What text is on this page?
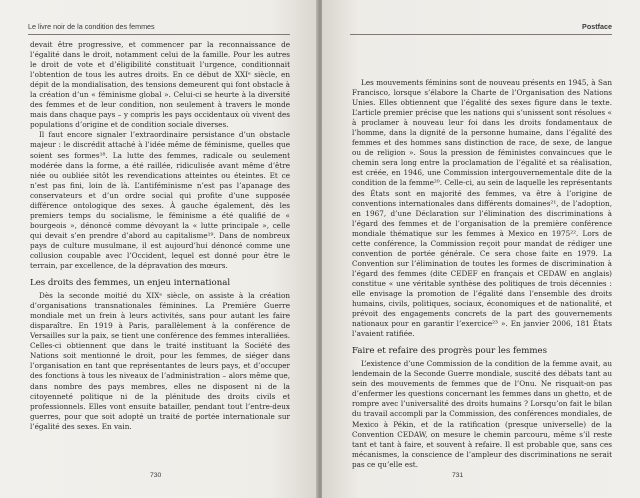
Le livre noir de la condition des femmes

devait être progressive, et commencer par la reconnaissance de l’égalité dans le droit, notamment celui de la famille. Pour les autres le droit de vote et d’éligibilité constituait l’urgence, conditionnait l’obtention de tous les autres droits. En ce début de XXIᵉ siècle, en dépit de la mondialisation, des tensions demeurent qui font obstacle à la création d’un « féminisme global ». Celui-ci se heurte à la diversité des femmes et de leur condition, non seulement à travers le monde mais dans chaque pays – y compris les pays occidentaux où vivent des populations d’origine et de condition sociale diverses.

Il faut encore signaler l’extraordinaire persistance d’un obstacle majeur : le discrédit attaché à l’idée même de féminisme, quelles que soient ses formes¹⁸. La lutte des femmes, radicale ou seulement modérée dans la forme, a été raillée, ridiculisée avant même d’être niée ou oubliée sitôt les revendications atteintes ou éteintes. Et ce n’est pas fini, loin de là. L’antiféminisme n’est pas l’apanage des conservateurs et d’un ordre social qui profite d’une supposée différence ontologique des sexes. À gauche également, dès les premiers temps du socialisme, le féminisme a été qualifié de « bourgeois », dénoncé comme dévoyant la « lutte principale », celle qui devait s’en prendre d’abord au capitalisme¹⁹. Dans de nombreux pays de culture musulmane, il est aujourd’hui dénoncé comme une collusion coupable avec l’Occident, lequel est donné pour être le terrain, par excellence, de la dépravation des mœurs.

Les droits des femmes, un enjeu international

Dès la seconde moitié du XIXᵉ siècle, on assiste à la création d’organisations transnationales féminines. La Première Guerre mondiale met un frein à leurs activités, sans pour autant les faire disparaître. En 1919 à Paris, parallèlement à la conférence de Versailles sur la paix, se tient une conférence des femmes interalliées. Celles-ci obtiennent que dans le traité instituant la Société des Nations soit mentionné le droit, pour les femmes, de siéger dans l’organisation en tant que représentantes de leurs pays, et d’occuper des fonctions à tous les niveaux de l’administration – alors même que, dans nombre des pays membres, elles ne disposent ni de la citoyenneté politique ni de la plénitude des droits civils et professionnels. Elles vont ensuite batailler, pendant tout l’entre-deux guerres, pour que soit adopté un traité de portée internationale sur l’égalité des sexes. En vain.

730
Postface

Les mouvements féminins sont de nouveau présents en 1945, à San Francisco, lorsque s’élabore la Charte de l’Organisation des Nations Unies. Elles obtiennent que l’égalité des sexes figure dans le texte. L’article premier précise que les nations qui s’unissent sont résolues « à proclamer à nouveau leur foi dans les droits fondamentaux de l’homme, dans la dignité de la personne humaine, dans l’égalité des femmes et des hommes sans distinction de race, de sexe, de langue ou de religion ». Sous la pression de féministes convaincues que le chemin sera long entre la proclamation de l’égalité et sa réalisation, est créée, en 1946, une Commission intergouvernementale dite de la condition de la femme²⁰. Celle-ci, au sein de laquelle les représentants des États sont en majorité des femmes, va être à l’origine de conventions internationales dans différents domaines²¹, de l’adoption, en 1967, d’une Déclaration sur l’élimination des discriminations à l’égard des femmes et de l’organisation de la première conférence mondiale thématique sur les femmes à Mexico en 1975²². Lors de cette conférence, la Commission reçoit pour mandat de rédiger une convention de portée générale. Ce sera chose faite en 1979. La Convention sur l’élimination de toutes les formes de discrimination à l’égard des femmes (dite CEDEF en français et CEDAW en anglais) constitue « une véritable synthèse des politiques de trois décennies : elle envisage la promotion de l’égalité dans l’ensemble des droits humains, civils, politiques, sociaux, économiques et de nationalité, et prévoit des engagements concrets de la part des gouvernements nationaux pour en garantir l’exercice²³ ». En janvier 2006, 181 États l’avaient ratifiée.

Faire et refaire des progrès pour les femmes

L’existence d’une Commission de la condition de la femme avait, au lendemain de la Seconde Guerre mondiale, suscité des débats tant au sein des mouvements de femmes que de l’Onu. Ne risquait-on pas d’enfermer les questions concernant les femmes dans un ghetto, et de rompre avec l’universalité des droits humains ? Lorsqu’on fait le bilan du travail accompli par la Commission, des conférences mondiales, de Mexico à Pékin, et de la ratification (presque universelle) de la Convention CEDAW, on mesure le chemin parcouru, même s’il reste tant et tant à faire, et souvent à refaire. Il est probable que, sans ces mécanismes, la conscience de l’ampleur des discriminations ne serait pas ce qu’elle est.

731
